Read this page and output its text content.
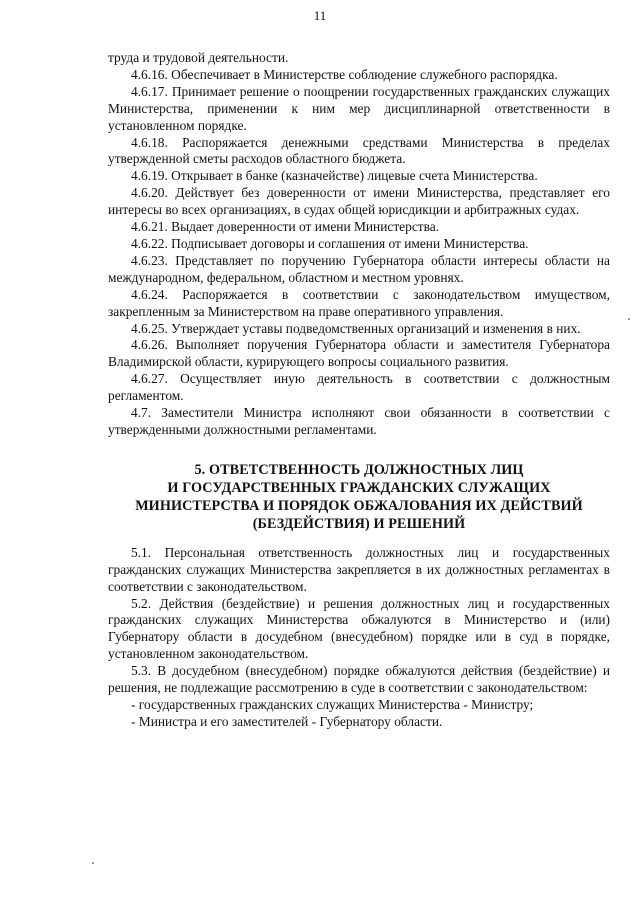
11

труда и трудовой деятельности.

4.6.16. Обеспечивает в Министерстве соблюдение служебного распорядка.

4.6.17. Принимает решение о поощрении государственных гражданских служащих Министерства, применении к ним мер дисциплинарной ответственности в установленном порядке.

4.6.18. Распоряжается денежными средствами Министерства в пределах утвержденной сметы расходов областного бюджета.

4.6.19. Открывает в банке (казначействе) лицевые счета Министерства.

4.6.20. Действует без доверенности от имени Министерства, представляет его интересы во всех организациях, в судах общей юрисдикции и арбитражных судах.

4.6.21. Выдает доверенности от имени Министерства.

4.6.22. Подписывает договоры и соглашения от имени Министерства.

4.6.23. Представляет по поручению Губернатора области интересы области на международном, федеральном, областном и местном уровнях.

4.6.24. Распоряжается в соответствии с законодательством имуществом, закрепленным за Министерством на праве оперативного управления.

4.6.25. Утверждает уставы подведомственных организаций и изменения в них.

4.6.26. Выполняет поручения Губернатора области и заместителя Губернатора Владимирской области, курирующего вопросы социального развития.

4.6.27. Осуществляет иную деятельность в соответствии с должностным регламентом.

4.7. Заместители Министра исполняют свои обязанности в соответствии с утвержденными должностными регламентами.

5. ОТВЕТСТВЕННОСТЬ ДОЛЖНОСТНЫХ ЛИЦ
И ГОСУДАРСТВЕННЫХ ГРАЖДАНСКИХ СЛУЖАЩИХ
МИНИСТЕРСТВА И ПОРЯДОК ОБЖАЛОВАНИЯ ИХ ДЕЙСТВИЙ
(БЕЗДЕЙСТВИЯ) И РЕШЕНИЙ

5.1. Персональная ответственность должностных лиц и государственных гражданских служащих Министерства закрепляется в их должностных регламентах в соответствии с законодательством.

5.2. Действия (бездействие) и решения должностных лиц и государственных гражданских служащих Министерства обжалуются в Министерство и (или) Губернатору области в досудебном (внесудебном) порядке или в суд в порядке, установленном законодательством.

5.3. В досудебном (внесудебном) порядке обжалуются действия (бездействие) и решения, не подлежащие рассмотрению в суде в соответствии с законодательством:

- государственных гражданских служащих Министерства - Министру;

- Министра и его заместителей - Губернатору области.
